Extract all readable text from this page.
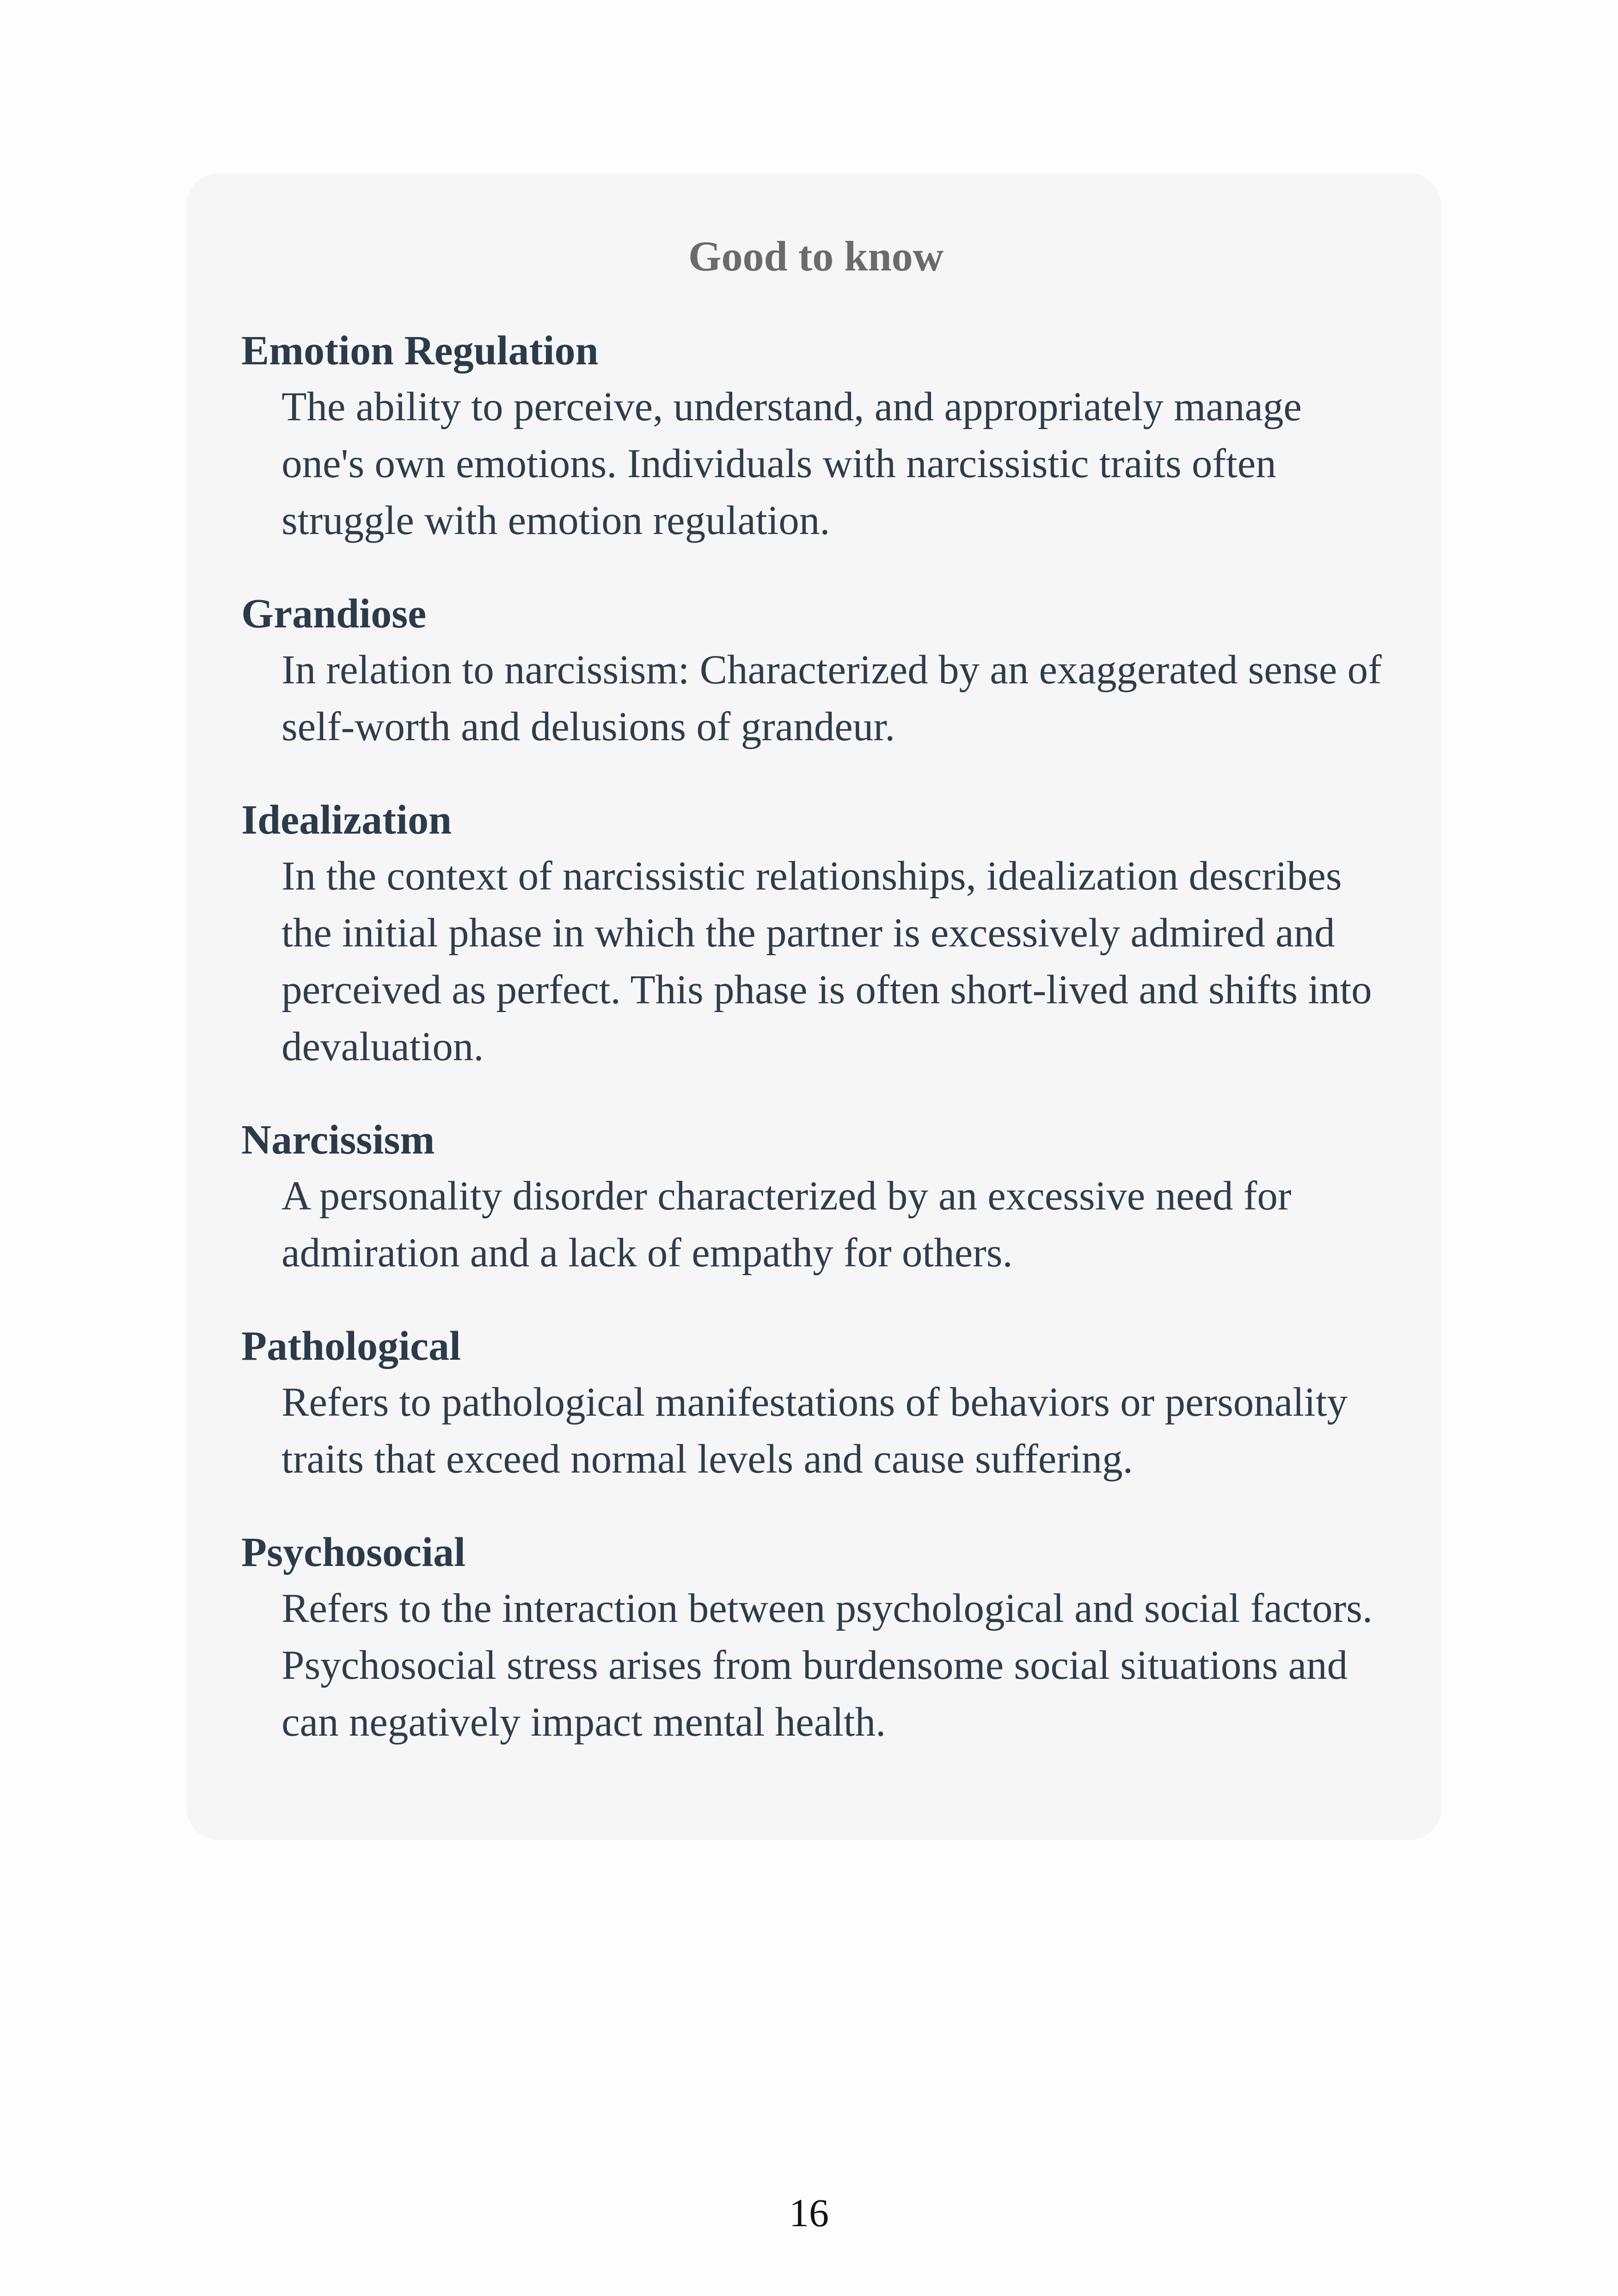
Good to know

Emotion Regulation

The ability to perceive, understand, and appropriately manage one's own emotions. Individuals with narcissistic traits often struggle with emotion regulation.

Grandiose

In relation to narcissism: Characterized by an exaggerated sense of self-worth and delusions of grandeur.

Idealization

In the context of narcissistic relationships, idealization describes the initial phase in which the partner is excessively admired and perceived as perfect. This phase is often short-lived and shifts into devaluation.

Narcissism

A personality disorder characterized by an excessive need for admiration and a lack of empathy for others.

Pathological

Refers to pathological manifestations of behaviors or personality traits that exceed normal levels and cause suffering.

Psychosocial

Refers to the interaction between psychological and social factors. Psychosocial stress arises from burdensome social situations and can negatively impact mental health.

16
